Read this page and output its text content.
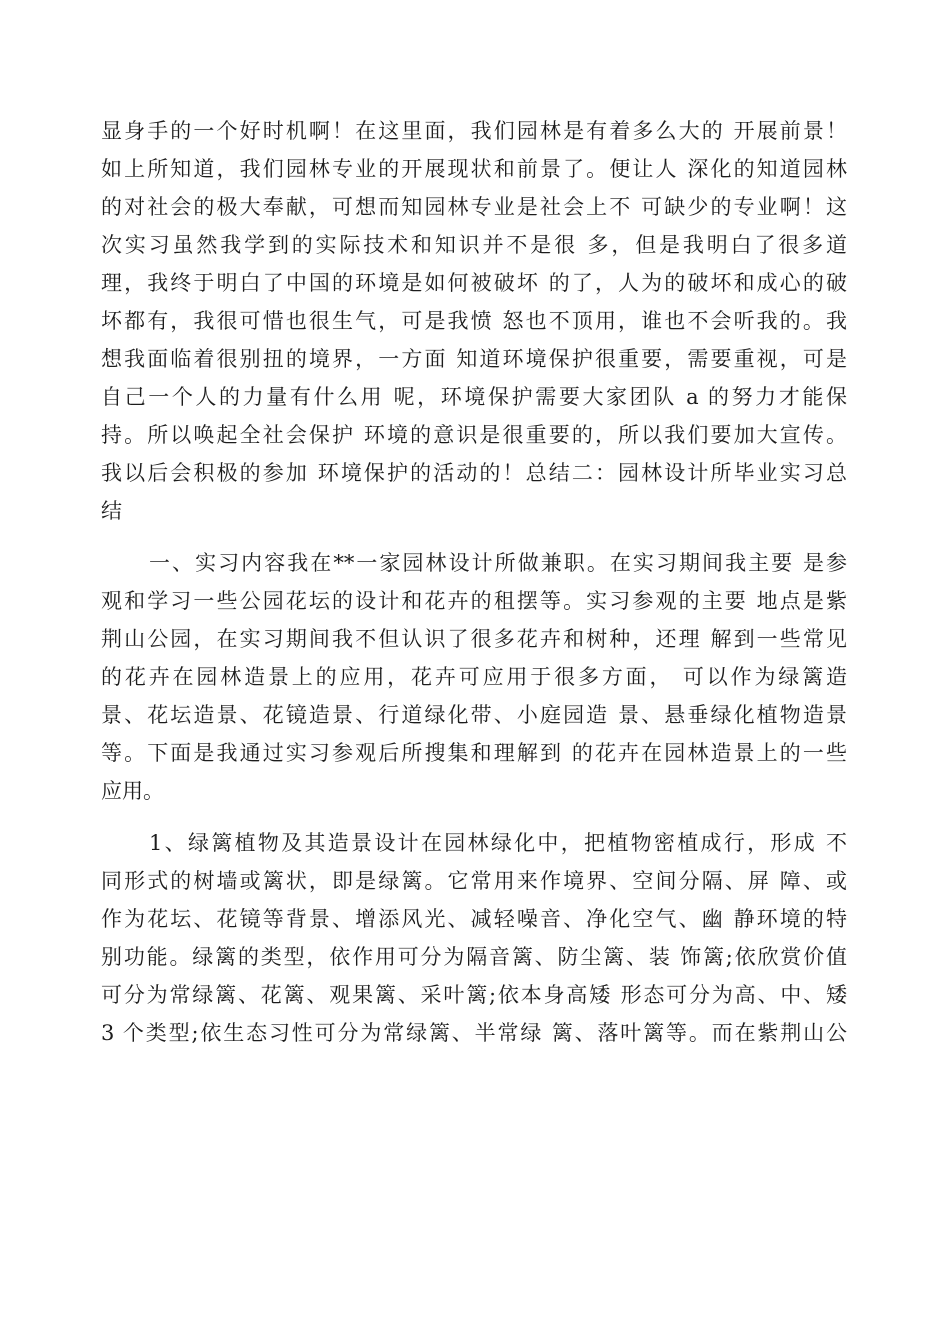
显身手的一个好时机啊！在这里面，我们园林是有着多么大的 开展前景！
如上所知道，我们园林专业的开展现状和前景了。便让人 深化的知道园林
的对社会的极大奉献，可想而知园林专业是社会上不 可缺少的专业啊！这
次实习虽然我学到的实际技术和知识并不是很 多，但是我明白了很多道
理，我终于明白了中国的环境是如何被破坏 的了，人为的破坏和成心的破
坏都有，我很可惜也很生气，可是我愤 怒也不顶用，谁也不会听我的。我
想我面临着很别扭的境界，一方面 知道环境保护很重要，需要重视，可是
自己一个人的力量有什么用 呢，环境保护需要大家团队 a 的努力才能保
持。所以唤起全社会保护 环境的意识是很重要的，所以我们要加大宣传。
我以后会积极的参加 环境保护的活动的！总结二：园林设计所毕业实习总
结

一、实习内容我在**一家园林设计所做兼职。在实习期间我主要 是参
观和学习一些公园花坛的设计和花卉的租摆等。实习参观的主要 地点是紫
荆山公园，在实习期间我不但认识了很多花卉和树种，还理 解到一些常见
的花卉在园林造景上的应用，花卉可应用于很多方面， 可以作为绿篱造
景、花坛造景、花镜造景、行道绿化带、小庭园造 景、悬垂绿化植物造景
等。下面是我通过实习参观后所搜集和理解到 的花卉在园林造景上的一些
应用。

1、绿篱植物及其造景设计在园林绿化中，把植物密植成行，形成 不
同形式的树墙或篱状，即是绿篱。它常用来作境界、空间分隔、屏 障、或
作为花坛、花镜等背景、增添风光、减轻噪音、净化空气、幽 静环境的特
别功能。绿篱的类型，依作用可分为隔音篱、防尘篱、装 饰篱;依欣赏价值
可分为常绿篱、花篱、观果篱、采叶篱;依本身高矮 形态可分为高、中、矮
3 个类型;依生态习性可分为常绿篱、半常绿 篱、落叶篱等。而在紫荆山公
